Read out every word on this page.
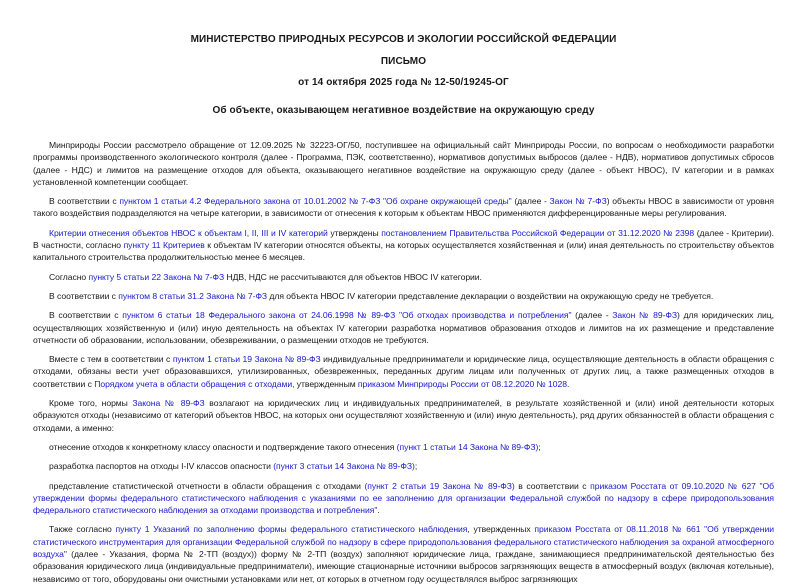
МИНИСТЕРСТВО ПРИРОДНЫХ РЕСУРСОВ И ЭКОЛОГИИ РОССИЙСКОЙ ФЕДЕРАЦИИ
ПИСЬМО
от 14 октября 2025 года № 12-50/19245-ОГ
Об объекте, оказывающем негативное воздействие на окружающую среду

Минприроды России рассмотрело обращение от 12.09.2025 № 32223-ОГ/50, поступившее на официальный сайт Минприроды России, по вопросам о необходимости разработки программы производственного экологического контроля (далее - Программа, ПЭК, соответственно), нормативов допустимых выбросов (далее - НДВ), нормативов допустимых сбросов (далее - НДС) и лимитов на размещение отходов для объекта, оказывающего негативное воздействие на окружающую среду (далее - объект НВОС), IV категории и в рамках установленной компетенции сообщает.

В соответствии с пунктом 1 статьи 4.2 Федерального закона от 10.01.2002 № 7-ФЗ "Об охране окружающей среды" (далее - Закон № 7-ФЗ) объекты НВОС в зависимости от уровня такого воздействия подразделяются на четыре категории, в зависимости от отнесения к которым к объектам НВОС применяются дифференцированные меры регулирования.

Критерии отнесения объектов НВОС к объектам I, II, III и IV категорий утверждены постановлением Правительства Российской Федерации от 31.12.2020 № 2398 (далее - Критерии). В частности, согласно пункту 11 Критериев к объектам IV категории относятся объекты, на которых осуществляется хозяйственная и (или) иная деятельность по строительству объектов капитального строительства продолжительностью менее 6 месяцев.

Согласно пункту 5 статьи 22 Закона № 7-ФЗ НДВ, НДС не рассчитываются для объектов НВОС IV категории.

В соответствии с пунктом 8 статьи 31.2 Закона № 7-ФЗ для объекта НВОС IV категории представление декларации о воздействии на окружающую среду не требуется.

В соответствии с пунктом 6 статьи 18 Федерального закона от 24.06.1998 № 89-ФЗ "Об отходах производства и потребления" (далее - Закон № 89-ФЗ) для юридических лиц, осуществляющих хозяйственную и (или) иную деятельность на объектах IV категории разработка нормативов образования отходов и лимитов на их размещение и представление отчетности об образовании, использовании, обезвреживании, о размещении отходов не требуются.

Вместе с тем в соответствии с пунктом 1 статьи 19 Закона № 89-ФЗ индивидуальные предприниматели и юридические лица, осуществляющие деятельность в области обращения с отходами, обязаны вести учет образовавшихся, утилизированных, обезвреженных, переданных другим лицам или полученных от других лиц, а также размещенных отходов в соответствии с Порядком учета в области обращения с отходами, утвержденным приказом Минприроды России от 08.12.2020 № 1028.

Кроме того, нормы Закона № 89-ФЗ возлагают на юридических лиц и индивидуальных предпринимателей, в результате хозяйственной и (или) иной деятельности которых образуются отходы (независимо от категорий объектов НВОС, на которых они осуществляют хозяйственную и (или) иную деятельность), ряд других обязанностей в области обращения с отходами, а именно:

отнесение отходов к конкретному классу опасности и подтверждение такого отнесения (пункт 1 статьи 14 Закона № 89-ФЗ);

разработка паспортов на отходы I-IV классов опасности (пункт 3 статьи 14 Закона № 89-ФЗ);

представление статистической отчетности в области обращения с отходами (пункт 2 статьи 19 Закона № 89-ФЗ) в соответствии с приказом Росстата от 09.10.2020 № 627 "Об утверждении формы федерального статистического наблюдения с указаниями по ее заполнению для организации Федеральной службой по надзору в сфере природопользования федерального статистического наблюдения за отходами производства и потребления".

Также согласно пункту 1 Указаний по заполнению формы федерального статистического наблюдения, утвержденных приказом Росстата от 08.11.2018 № 661 "Об утверждении статистического инструментария для организации Федеральной службой по надзору в сфере природопользования федерального статистического наблюдения за охраной атмосферного воздуха" (далее - Указания, форма № 2-ТП (воздух)) форму № 2-ТП (воздух) заполняют юридические лица, граждане, занимающиеся предпринимательской деятельностью без образования юридического лица (индивидуальные предприниматели), имеющие стационарные источники выбросов загрязняющих веществ в атмосферный воздух (включая котельные), независимо от того, оборудованы они очистными установками или нет, от которых в отчетном году осуществлялся выброс загрязняющих
